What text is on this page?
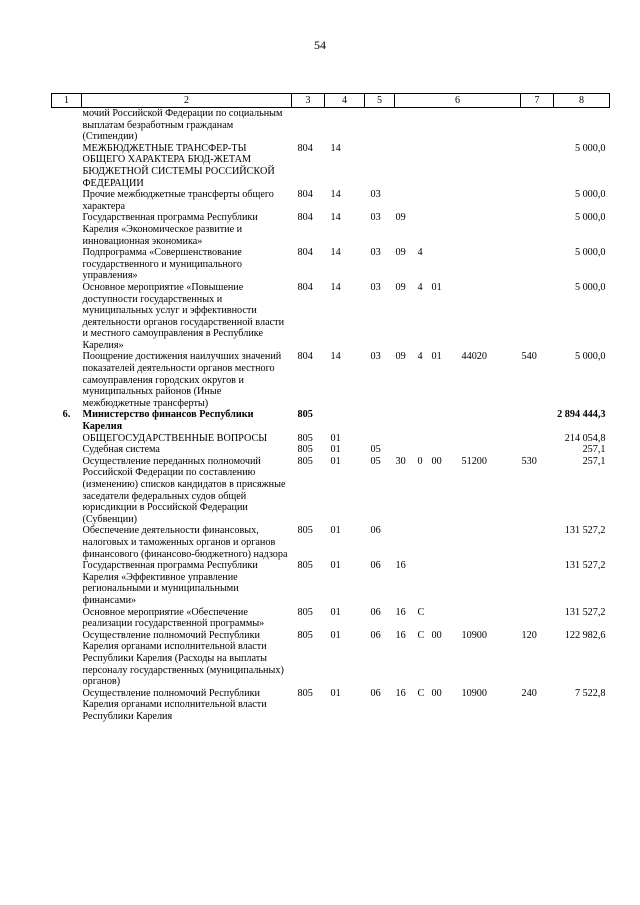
54
1	2	3	4	5	6	7	8
	мочий Российской Федерации по социальным выплатам безработным гражданам (Стипендии)				

	МЕЖБЮДЖЕТНЫЕ ТРАНСФЕР-ТЫ ОБЩЕГО ХАРАКТЕРА БЮД-ЖЕТАМ БЮДЖЕТНОЙ СИСТЕМЫ РОССИЙСКОЙ ФЕДЕРАЦИИ	804	14				5 000,0
	Прочие межбюджетные трансферты общего характера	804	14	03			5 000,0
	Государственная программа Республики Карелия «Экономическое развитие и инновационная экономика»	804	14	03	09		5 000,0
	Подпрограмма «Совершенствование государственного и муниципального управления»	804	14	03	09 4		5 000,0
	Основное мероприятие «Повышение доступности государственных и муниципальных услуг и эффективности деятельности органов государственной власти и местного самоуправления в Республике Карелия»	804	14	03	09 4 01		5 000,0
	Поощрение достижения наилучших значений показателей деятельности органов местного самоуправления городских округов и муниципальных районов (Иные межбюджетные трансферты)	804	14	03	09 4 01 44020	540	5 000,0
6.	Министерство финансов Республики Карелия	805					2 894 444,3
	ОБЩЕГОСУДАРСТВЕННЫЕ ВОПРОСЫ	805	01				214 054,8
	Судебная система	805	01	05			257,1
	Осуществление переданных полномочий Российской Федерации по составлению (изменению) списков кандидатов в присяжные заседатели федеральных судов общей юрисдикции в Российской Федерации (Субвенции)	805	01	05	30 0 00 51200	530	257,1
	Обеспечение деятельности финансовых, налоговых и таможенных органов и органов финансового (финансово-бюджетного) надзора	805	01	06			131 527,2
	Государственная программа Республики Карелия «Эффективное управление региональными и муниципальными финансами»	805	01	06	16		131 527,2
	Основное мероприятие «Обеспечение реализации государственной программы»	805	01	06	16 С		131 527,2
	Осуществление полномочий Республики Карелия органами исполнительной власти Республики Карелия (Расходы на выплаты персоналу государственных (муниципальных) органов)	805	01	06	16 С 00 10900	120	122 982,6
	Осуществление полномочий Республики Карелия органами исполнительной власти Республики Карелия	805	01	06	16 С 00 10900	240	7 522,8
